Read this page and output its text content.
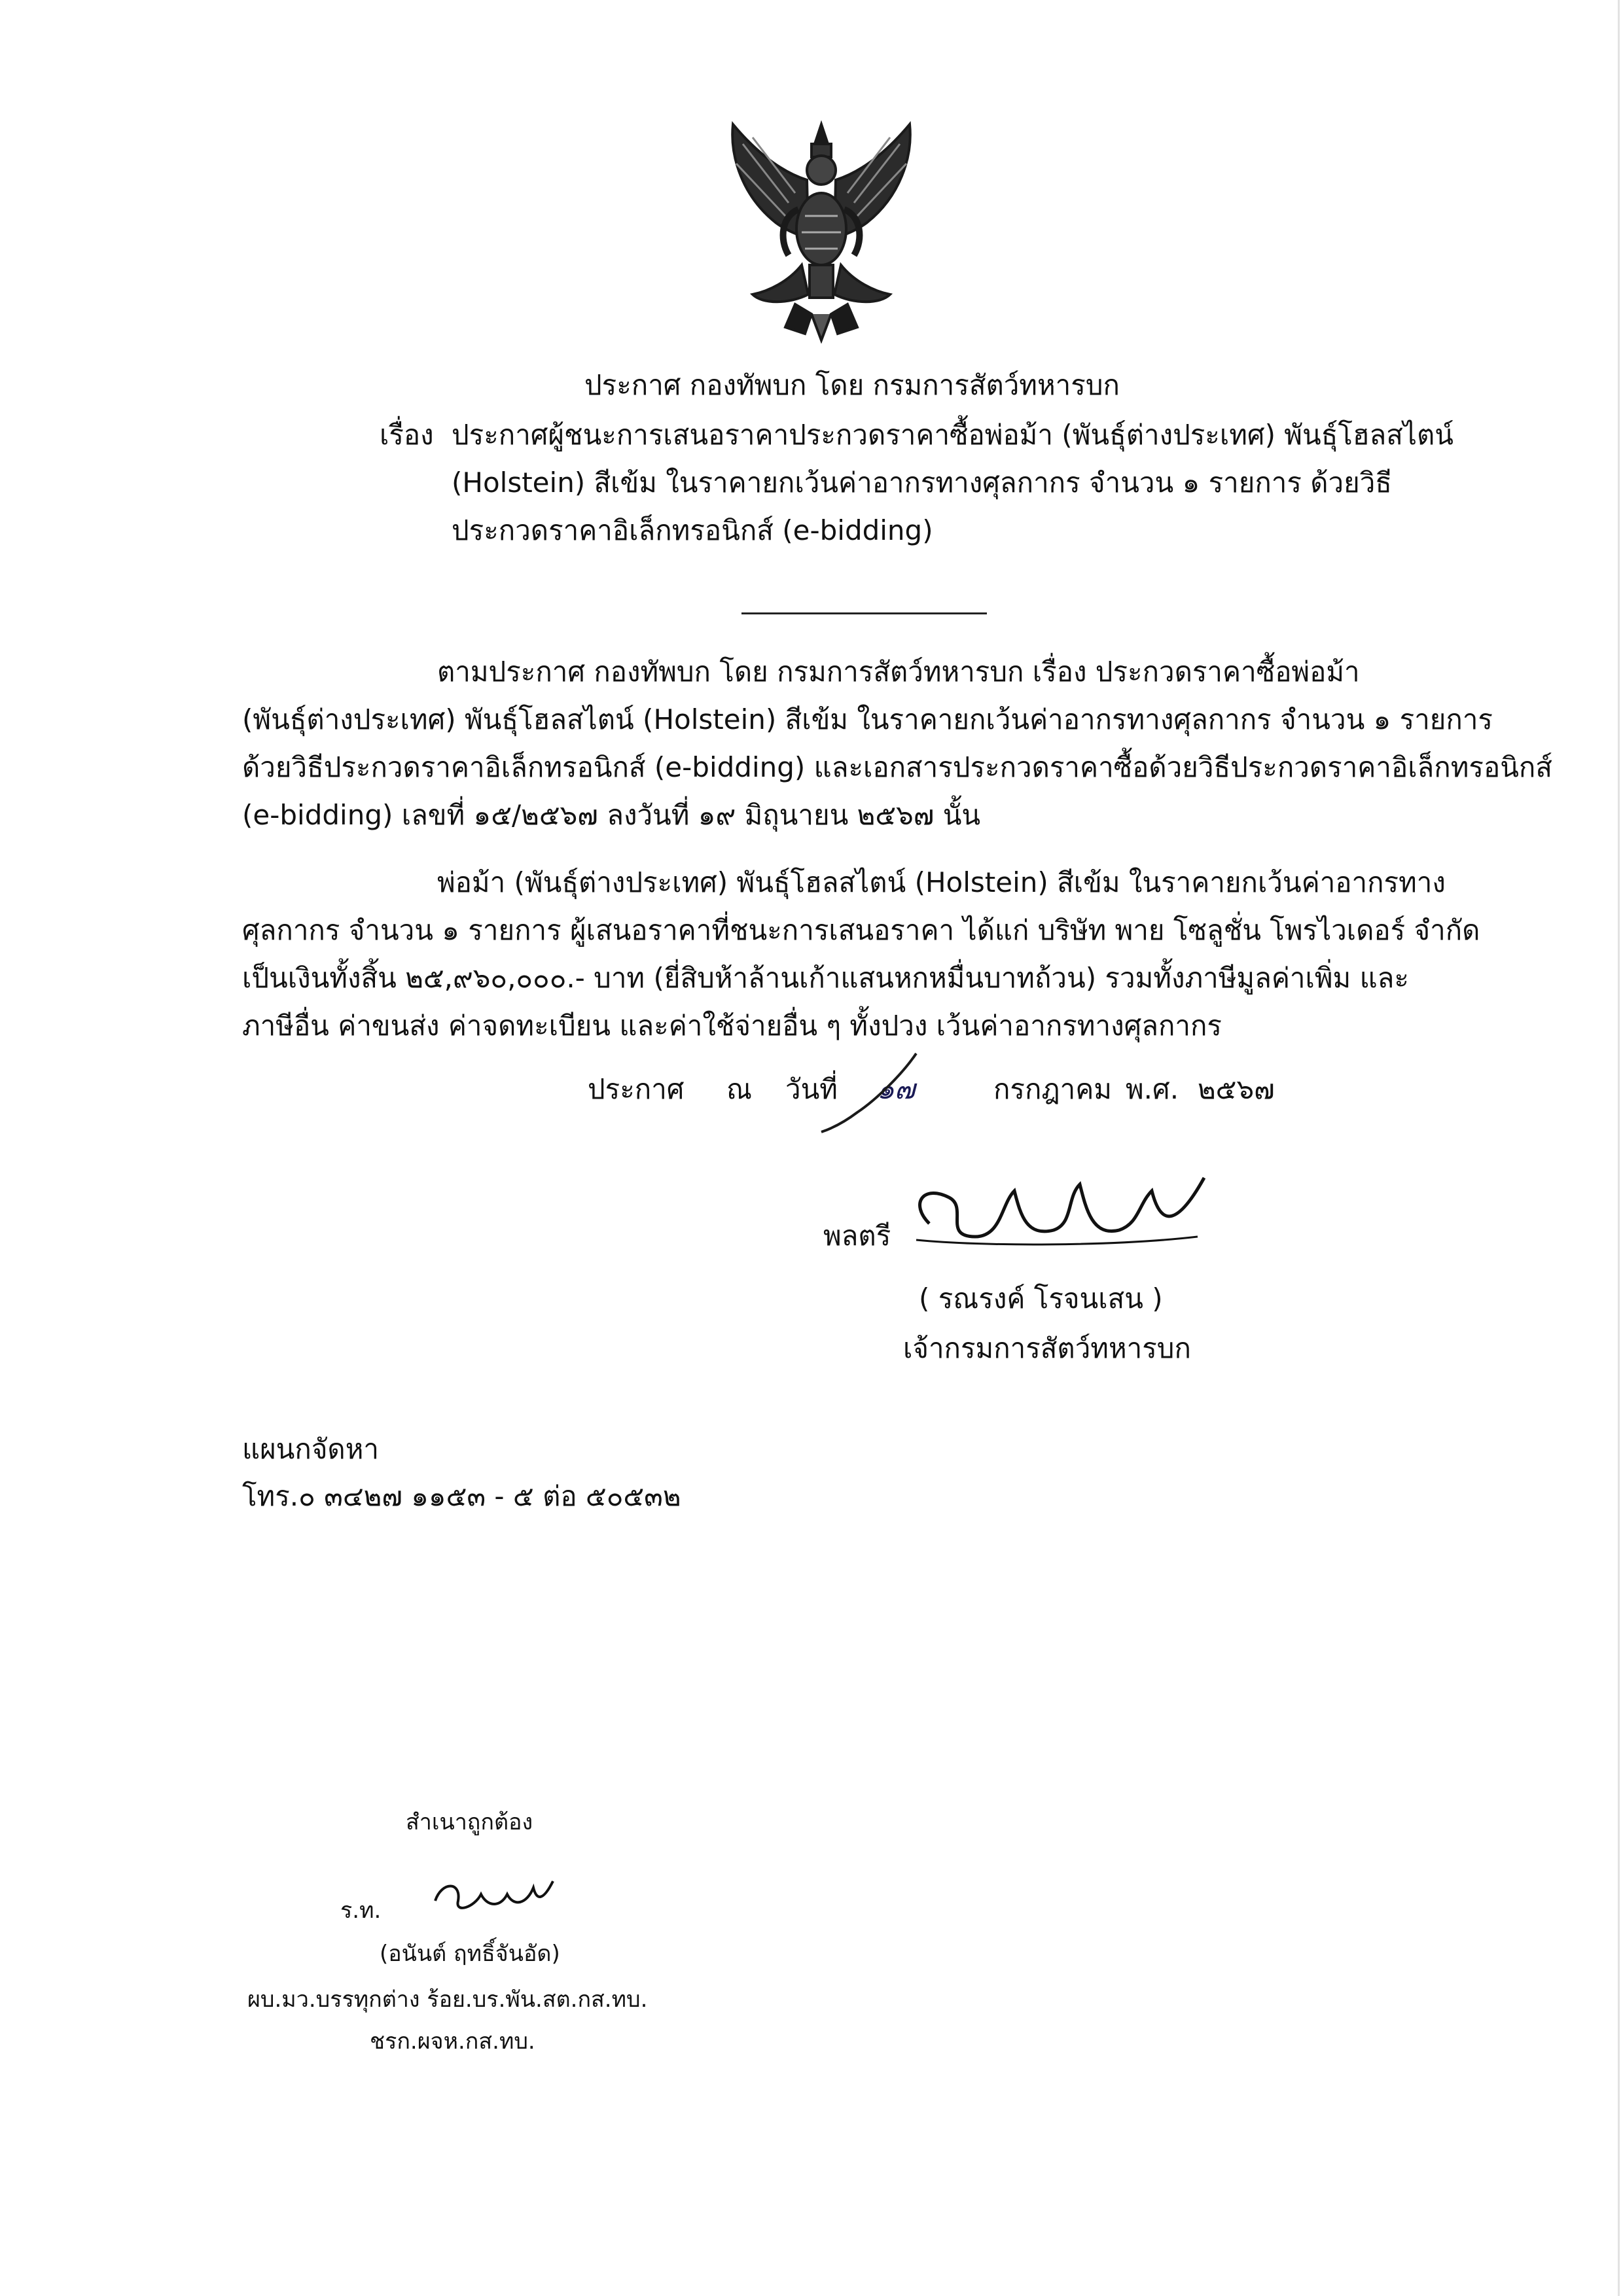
ประกาศ กองทัพบก โดย กรมการสัตว์ทหารบก
เรื่อง ประกาศผู้ชนะการเสนอราคาประกวดราคาซื้อพ่อม้า (พันธุ์ต่างประเทศ) พันธุ์โฮลสไตน์
(Holstein) สีเข้ม ในราคายกเว้นค่าอากรทางศุลกากร จำนวน ๑ รายการ ด้วยวิธี
ประกวดราคาอิเล็กทรอนิกส์ (e-bidding)

ตามประกาศ กองทัพบก โดย กรมการสัตว์ทหารบก เรื่อง ประกวดราคาซื้อพ่อม้า

(พันธุ์ต่างประเทศ) พันธุ์โฮลสไตน์ (Holstein) สีเข้ม ในราคายกเว้นค่าอากรทางศุลกากร จำนวน ๑ รายการ

ด้วยวิธีประกวดราคาอิเล็กทรอนิกส์ (e-bidding) และเอกสารประกวดราคาซื้อด้วยวิธีประกวดราคาอิเล็กทรอนิกส์

(e-bidding) เลขที่ ๑๕/๒๕๖๗ ลงวันที่ ๑๙ มิถุนายน ๒๕๖๗ นั้น

พ่อม้า (พันธุ์ต่างประเทศ) พันธุ์โฮลสไตน์ (Holstein) สีเข้ม ในราคายกเว้นค่าอากรทาง

ศุลกากร จำนวน ๑ รายการ ผู้เสนอราคาที่ชนะการเสนอราคา ได้แก่ บริษัท พาย โซลูชั่น โพรไวเดอร์ จำกัด

เป็นเงินทั้งสิ้น ๒๕,๙๖๐,๐๐๐.- บาท (ยี่สิบห้าล้านเก้าแสนหกหมื่นบาทถ้วน) รวมทั้งภาษีมูลค่าเพิ่ม และ

ภาษีอื่น ค่าขนส่ง ค่าจดทะเบียน และค่าใช้จ่ายอื่น ๆ ทั้งปวง เว้นค่าอากรทางศุลกากร

ประกาศ ณ วันที่ ๑๗	กรกฎาคม พ.ศ. ๒๕๖๗
พลตรี
( รณรงค์ โรจนเสน )
เจ้ากรมการสัตว์ทหารบก
แผนกจัดหา
โทร.๐ ๓๔๒๗ ๑๑๕๓ - ๕ ต่อ ๕๐๕๓๒
สำเนาถูกต้อง
ร.ท.
(อนันต์ ฤทธิ์จันอัด)
ผบ.มว.บรรทุกต่าง ร้อย.บร.พัน.สต.กส.ทบ.
ชรก.ผจห.กส.ทบ.
